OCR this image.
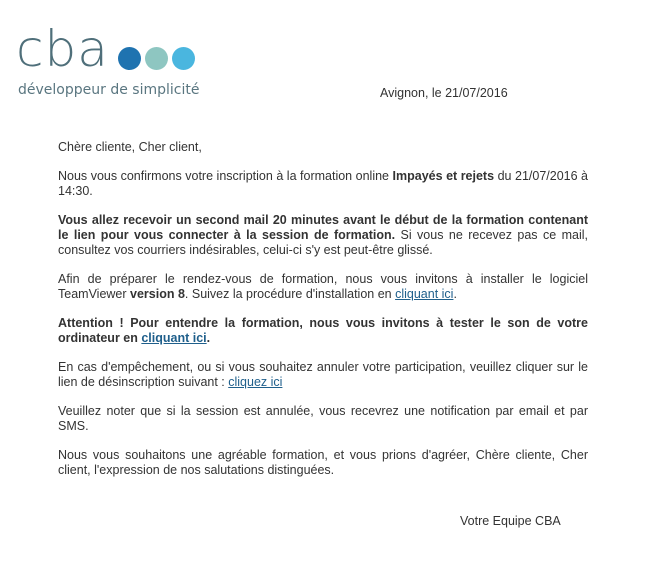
cba
développeur de simplicité	Avignon, le 21/07/2016

Chère cliente, Cher client,

Nous vous confirmons votre inscription à la formation online Impayés et rejets du 21/07/2016 à 14:30.

Vous allez recevoir un second mail 20 minutes avant le début de la formation contenant le lien pour vous connecter à la session de formation. Si vous ne recevez pas ce mail, consultez vos courriers indésirables, celui-ci s'y est peut-être glissé.

Afin de préparer le rendez-vous de formation, nous vous invitons à installer le logiciel TeamViewer version 8. Suivez la procédure d'installation en cliquant ici.

Attention ! Pour entendre la formation, nous vous invitons à tester le son de votre ordinateur en cliquant ici.

En cas d'empêchement, ou si vous souhaitez annuler votre participation, veuillez cliquer sur le lien de désinscription suivant : cliquez ici

Veuillez noter que si la session est annulée, vous recevrez une notification par email et par SMS.

Nous vous souhaitons une agréable formation, et vous prions d'agréer, Chère cliente, Cher client, l'expression de nos salutations distinguées.

Votre Equipe CBA
